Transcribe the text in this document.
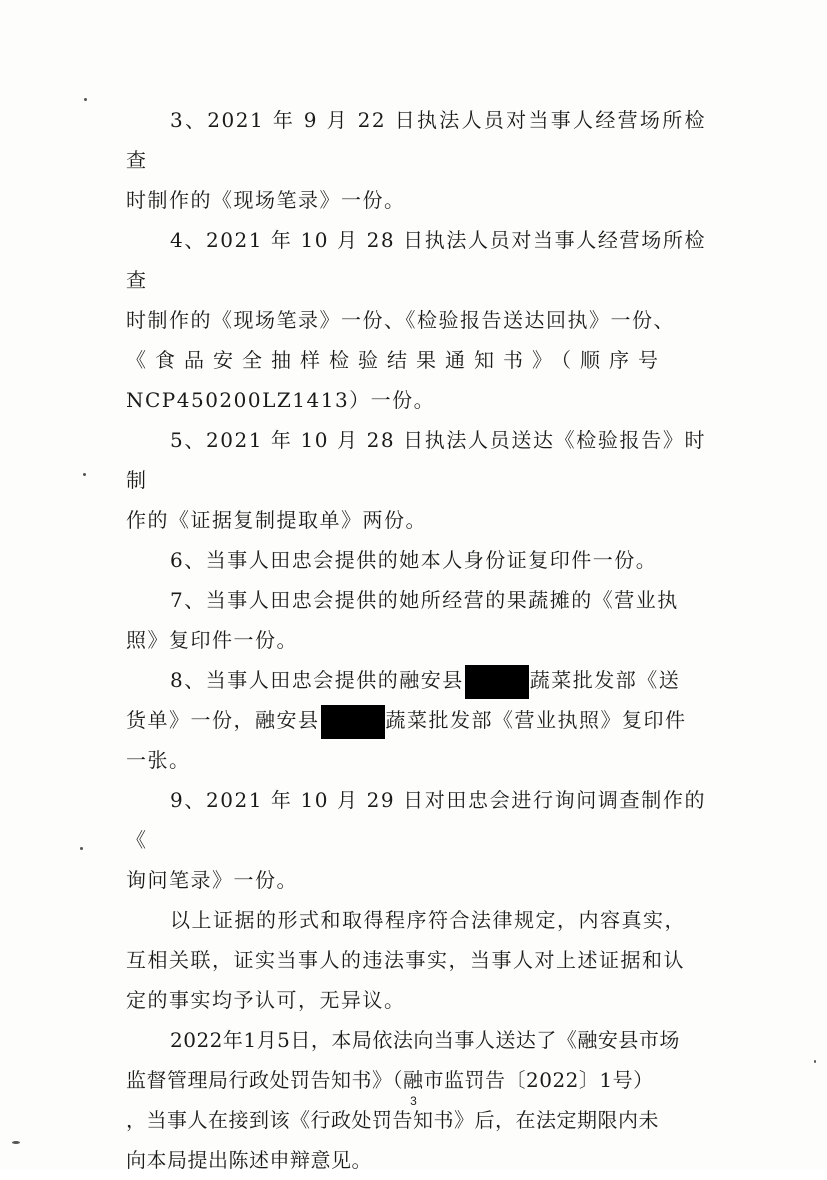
3、2021 年 9 月 22 日执法人员对当事人经营场所检查

时制作的《现场笔录》一份。

4、2021 年 10 月 28 日执法人员对当事人经营场所检查

时制作的《现场笔录》一份、《检验报告送达回执》一份、

《食品安全抽样检验结果通知书》（顺序号

NCP450200LZ1413）一份。

5、2021 年 10 月 28 日执法人员送达《检验报告》时制

作的《证据复制提取单》两份。

6、当事人田忠会提供的她本人身份证复印件一份。

7、当事人田忠会提供的她所经营的果蔬摊的《营业执

照》复印件一份。

8、当事人田忠会提供的融安县	蔬菜批发部《送

货单》一份，融安县	蔬菜批发部《营业执照》复印件

一张。

9、2021 年 10 月 29 日对田忠会进行询问调查制作的《

询问笔录》一份。

以上证据的形式和取得程序符合法律规定，内容真实，

互相关联，证实当事人的违法事实，当事人对上述证据和认

定的事实均予认可，无异议。

2022年1月5日，本局依法向当事人送达了《融安县市场

监督管理局行政处罚告知书》（融市监罚告〔2022〕1号）

，当事人在接到该《行政处罚告知书》后，在法定期限内未

向本局提出陈述申辩意见。

3
